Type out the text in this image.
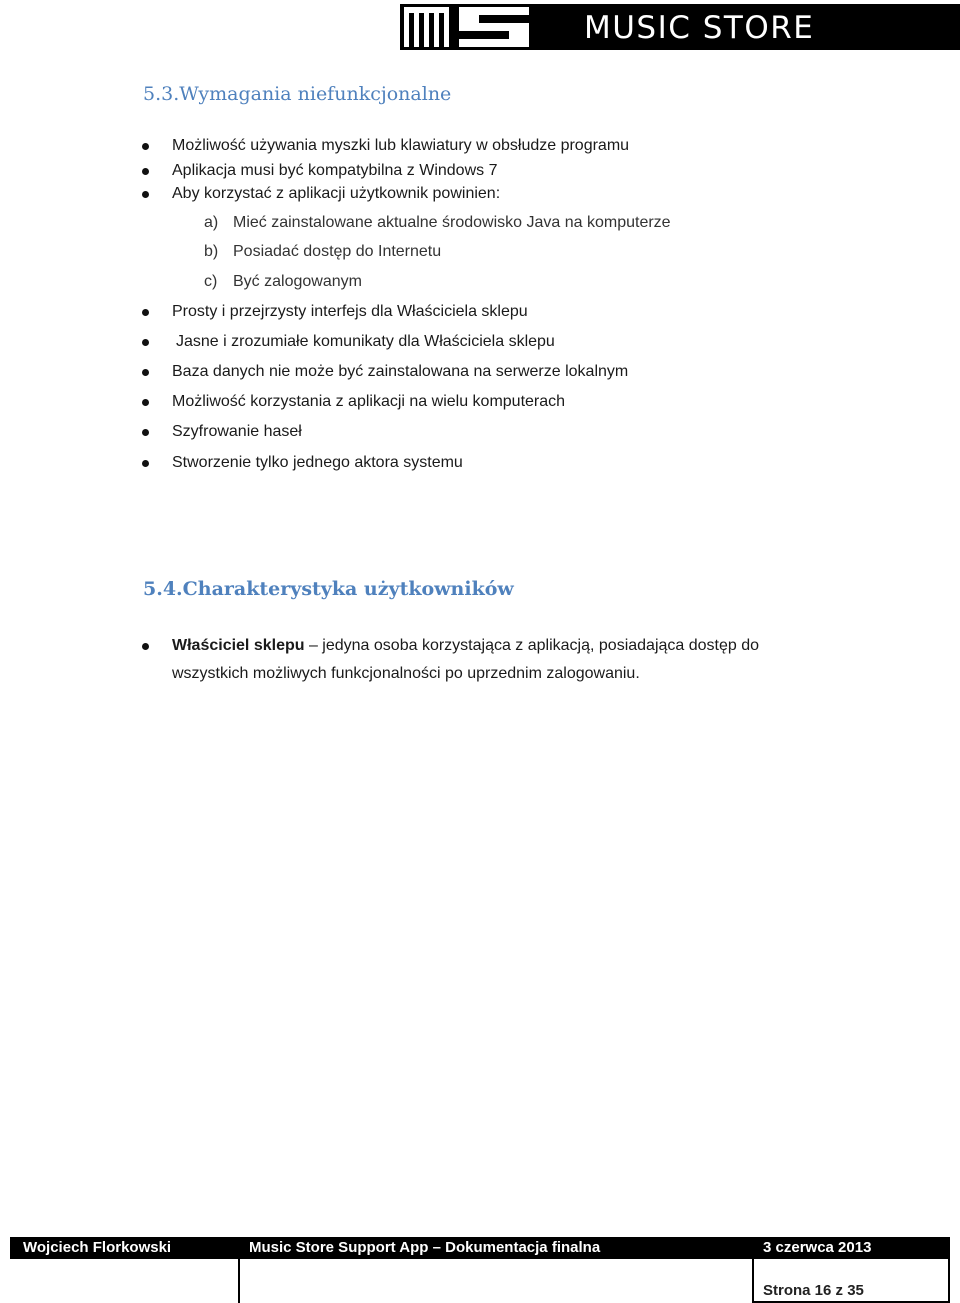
MUSIC STORE
5.3.Wymagania niefunkcjonalne
Możliwość używania myszki lub klawiatury w obsłudze programu
Aplikacja musi być kompatybilna z Windows 7
Aby korzystać z aplikacji użytkownik powinien:
a) Mieć zainstalowane aktualne środowisko Java na komputerze
b) Posiadać dostęp do Internetu
c) Być zalogowanym
Prosty i przejrzysty interfejs dla Właściciela sklepu
Jasne i zrozumiałe komunikaty dla Właściciela sklepu
Baza danych nie może być zainstalowana na serwerze lokalnym
Możliwość korzystania z aplikacji na wielu komputerach
Szyfrowanie haseł
Stworzenie tylko jednego aktora systemu
5.4.Charakterystyka użytkowników
Właściciel sklepu – jedyna osoba korzystająca z aplikacją, posiadająca dostęp do wszystkich możliwych funkcjonalności po uprzednim zalogowaniu.
Wojciech Florkowski	Music Store Support App – Dokumentacja finalna	3 czerwca 2013
Strona 16 z 35
